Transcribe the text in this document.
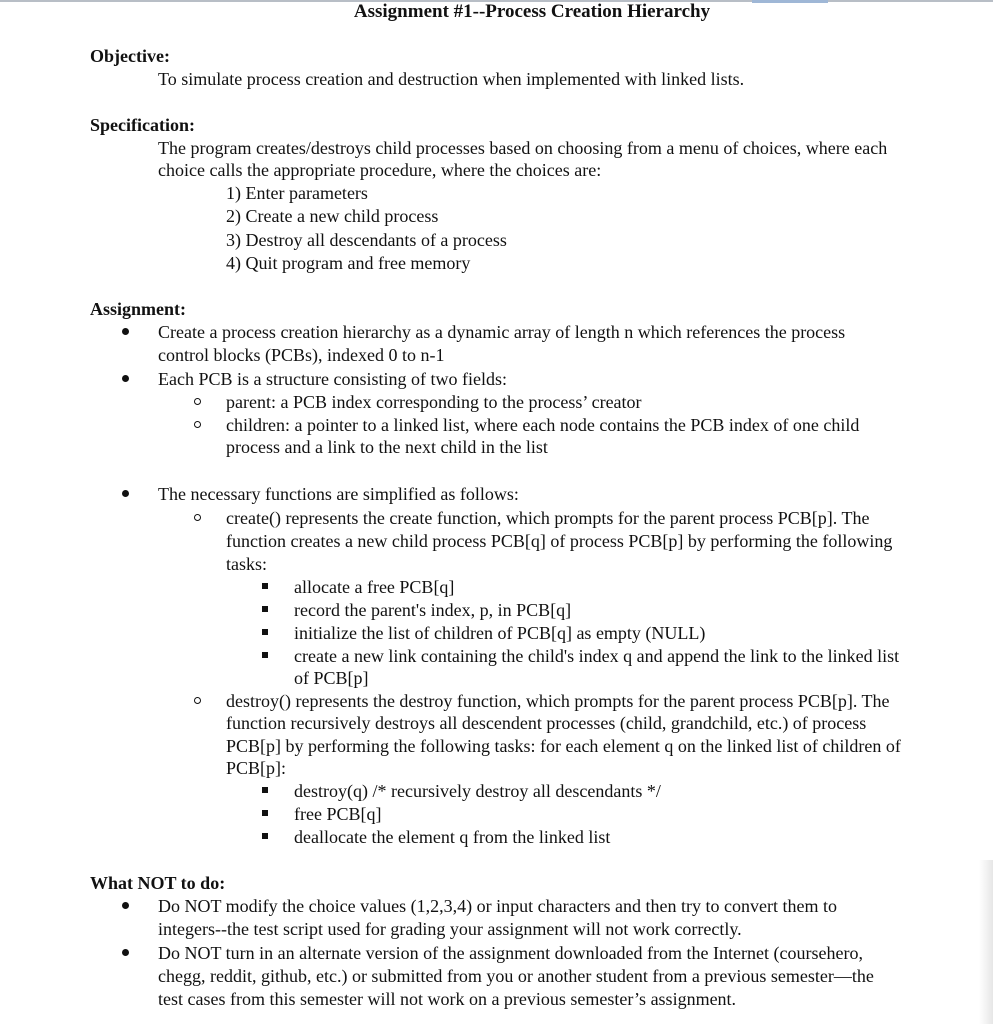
Assignment #1--Process Creation Hierarchy
Objective:
To simulate process creation and destruction when implemented with linked lists.
Specification:
The program creates/destroys child processes based on choosing from a menu of choices, where each
choice calls the appropriate procedure, where the choices are:
1) Enter parameters
2) Create a new child process
3) Destroy all descendants of a process
4) Quit program and free memory
Assignment:
Create a process creation hierarchy as a dynamic array of length n which references the process
control blocks (PCBs), indexed 0 to n-1
Each PCB is a structure consisting of two fields:
parent: a PCB index corresponding to the process’ creator
children: a pointer to a linked list, where each node contains the PCB index of one child
process and a link to the next child in the list
The necessary functions are simplified as follows:
create() represents the create function, which prompts for the parent process PCB[p]. The
function creates a new child process PCB[q] of process PCB[p] by performing the following
tasks:
allocate a free PCB[q]
record the parent's index, p, in PCB[q]
initialize the list of children of PCB[q] as empty (NULL)
create a new link containing the child's index q and append the link to the linked list
of PCB[p]
destroy() represents the destroy function, which prompts for the parent process PCB[p]. The
function recursively destroys all descendent processes (child, grandchild, etc.) of process
PCB[p] by performing the following tasks: for each element q on the linked list of children of
PCB[p]:
destroy(q) /* recursively destroy all descendants */
free PCB[q]
deallocate the element q from the linked list
What NOT to do:
Do NOT modify the choice values (1,2,3,4) or input characters and then try to convert them to
integers--the test script used for grading your assignment will not work correctly.
Do NOT turn in an alternate version of the assignment downloaded from the Internet (coursehero,
chegg, reddit, github, etc.) or submitted from you or another student from a previous semester—the
test cases from this semester will not work on a previous semester’s assignment.
